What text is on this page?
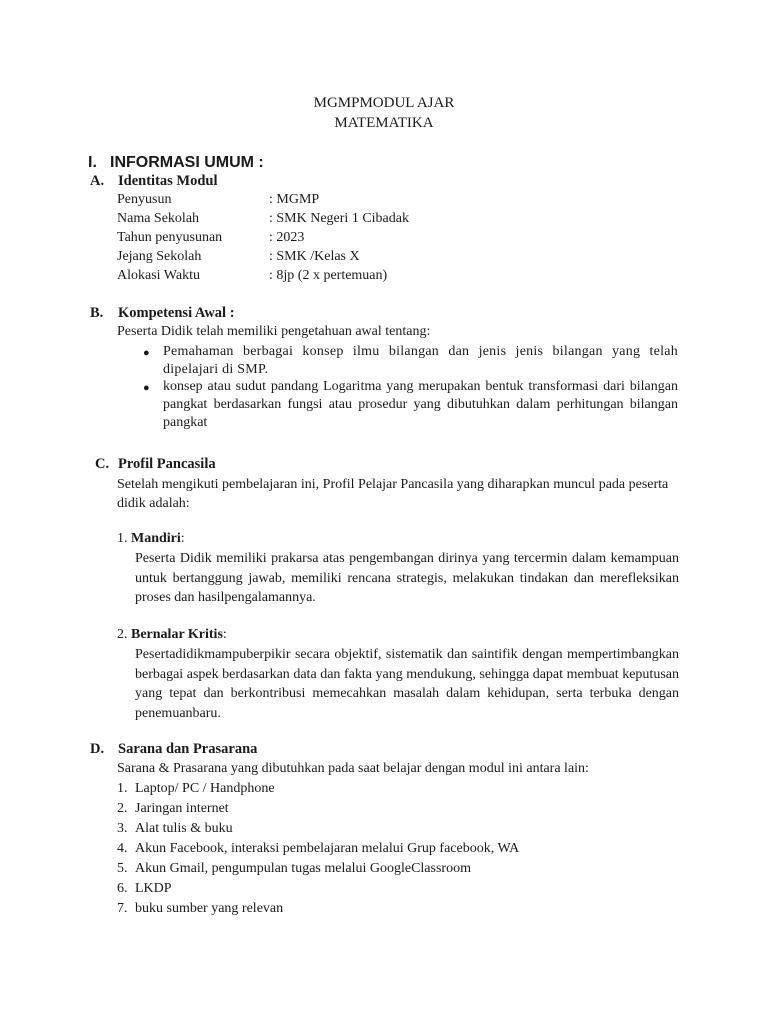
MGMPMODUL AJAR
MATEMATIKA
I. INFORMASI UMUM :
A. Identitas Modul
Penyusun	: MGMP
Nama Sekolah	: SMK Negeri 1 Cibadak
Tahun penyusunan	: 2023
Jejang Sekolah	: SMK /Kelas X
Alokasi Waktu	: 8jp (2 x pertemuan)
B. Kompetensi Awal :
Peserta Didik telah memiliki pengetahuan awal tentang:
● Pemahaman berbagai konsep ilmu bilangan dan jenis jenis bilangan yang telah dipelajari di SMP.
● konsep atau sudut pandang Logaritma yang merupakan bentuk transformasi dari bilangan pangkat berdasarkan fungsi atau prosedur yang dibutuhkan dalam perhitungan bilangan pangkat
C. Profil Pancasila
Setelah mengikuti pembelajaran ini, Profil Pelajar Pancasila yang diharapkan muncul pada peserta didik adalah:
1. Mandiri:
Peserta Didik memiliki prakarsa atas pengembangan dirinya yang tercermin dalam kemampuan untuk bertanggung jawab, memiliki rencana strategis, melakukan tindakan dan merefleksikan proses dan hasilpengalamannya.
2. Bernalar Kritis:
Pesertadidikmampuberpikir secara objektif, sistematik dan saintifik dengan mempertimbangkan berbagai aspek berdasarkan data dan fakta yang mendukung, sehingga dapat membuat keputusan yang tepat dan berkontribusi memecahkan masalah dalam kehidupan, serta terbuka dengan penemuanbaru.
D. Sarana dan Prasarana
Sarana & Prasarana yang dibutuhkan pada saat belajar dengan modul ini antara lain:
1. Laptop/ PC / Handphone
2. Jaringan internet
3. Alat tulis & buku
4. Akun Facebook, interaksi pembelajaran melalui Grup facebook, WA
5. Akun Gmail, pengumpulan tugas melalui GoogleClassroom
6. LKDP
7. buku sumber yang relevan
